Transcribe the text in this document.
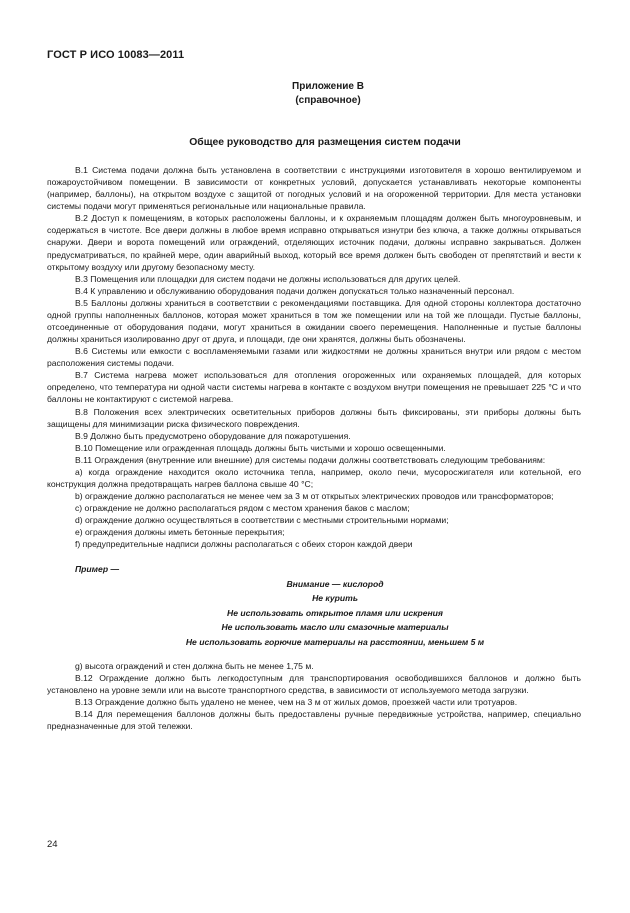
ГОСТ Р ИСО 10083—2011
Приложение В
(справочное)
Общее руководство для размещения систем подачи

В.1 Система подачи должна быть установлена в соответствии с инструкциями изготовителя в хорошо вентилируемом и пожароустойчивом помещении. В зависимости от конкретных условий, допускается устанавливать некоторые компоненты (например, баллоны), на открытом воздухе с защитой от погодных условий и на огороженной территории. Для места установки системы подачи могут применяться региональные или национальные правила.

В.2 Доступ к помещениям, в которых расположены баллоны, и к охраняемым площадям должен быть многоуровневым, и содержаться в чистоте. Все двери должны в любое время исправно открываться изнутри без ключа, а также должны открываться снаружи. Двери и ворота помещений или ограждений, отделяющих источник подачи, должны исправно закрываться. Должен предусматриваться, по крайней мере, один аварийный выход, который все время должен быть свободен от препятствий и вести к открытому воздуху или другому безопасному месту.

В.3 Помещения или площадки для систем подачи не должны использоваться для других целей.

В.4 К управлению и обслуживанию оборудования подачи должен допускаться только назначенный персонал.

В.5 Баллоны должны храниться в соответствии с рекомендациями поставщика. Для одной стороны коллектора достаточно одной группы наполненных баллонов, которая может храниться в том же помещении или на той же площади. Пустые баллоны, отсоединенные от оборудования подачи, могут храниться в ожидании своего перемещения. Наполненные и пустые баллоны должны храниться изолированно друг от друга, и площади, где они хранятся, должны быть обозначены.

В.6 Системы или емкости с воспламеняемыми газами или жидкостями не должны храниться внутри или рядом с местом расположения системы подачи.

В.7 Система нагрева может использоваться для отопления огороженных или охраняемых площадей, для которых определено, что температура ни одной части системы нагрева в контакте с воздухом внутри помещения не превышает 225 °С и что баллоны не контактируют с системой нагрева.

В.8 Положения всех электрических осветительных приборов должны быть фиксированы, эти приборы должны быть защищены для минимизации риска физического повреждения.

В.9 Должно быть предусмотрено оборудование для пожаротушения.

В.10 Помещение или огражденная площадь должны быть чистыми и хорошо освещенными.

В.11 Ограждения (внутренние или внешние) для системы подачи должны соответствовать следующим требованиям:

a) когда ограждение находится около источника тепла, например, около печи, мусоросжигателя или котельной, его конструкция должна предотвращать нагрев баллона свыше 40 °С;

b) ограждение должно располагаться не менее чем за 3 м от открытых электрических проводов или трансформаторов;

c) ограждение не должно располагаться рядом с местом хранения баков с маслом;

d) ограждение должно осуществляться в соответствии с местными строительными нормами;

e) ограждения должны иметь бетонные перекрытия;

f) предупредительные надписи должны располагаться с обеих сторон каждой двери

Пример —
Внимание — кислород
Не курить
Не использовать открытое пламя или искрения
Не использовать масло или смазочные материалы
Не использовать горючие материалы на расстоянии, меньшем 5 м

g) высота ограждений и стен должна быть не менее 1,75 м.

В.12 Ограждение должно быть легкодоступным для транспортирования освободившихся баллонов и должно быть установлено на уровне земли или на высоте транспортного средства, в зависимости от используемого метода загрузки.

В.13 Ограждение должно быть удалено не менее, чем на 3 м от жилых домов, проезжей части или тротуаров.

В.14 Для перемещения баллонов должны быть предоставлены ручные передвижные устройства, например, специально предназначенные для этой тележки.

24
